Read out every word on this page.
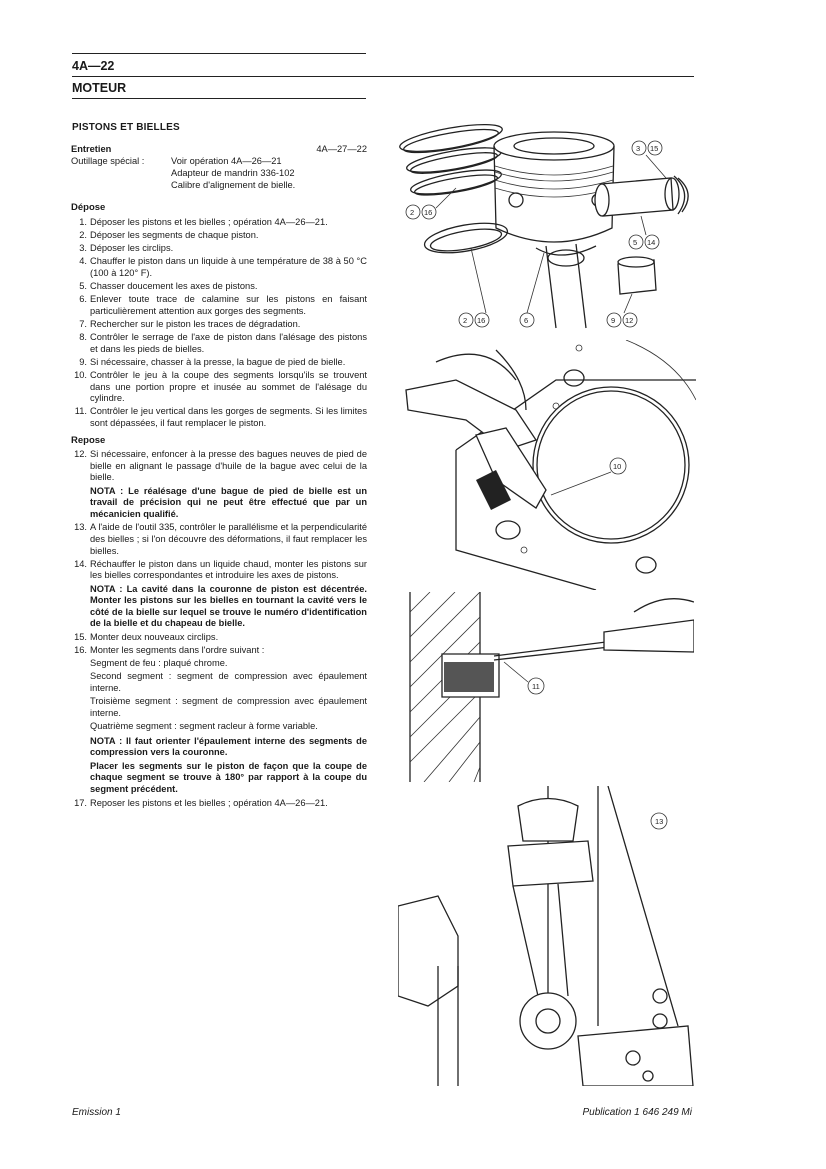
4A—22
MOTEUR
PISTONS ET BIELLES
Entretien	4A—27—22
Outillage spécial :	Voir opération 4A—26—21
Adapteur de mandrin 336-102
Calibre d'alignement de bielle.
Dépose
1. Déposer les pistons et les bielles ; opération 4A—26—21.
2. Déposer les segments de chaque piston.
3. Déposer les circlips.
4. Chauffer le piston dans un liquide à une température de 38 à 50 °C (100 à 120° F).
5. Chasser doucement les axes de pistons.
6. Enlever toute trace de calamine sur les pistons en faisant particulièrement attention aux gorges des segments.
7. Rechercher sur le piston les traces de dégradation.
8. Contrôler le serrage de l'axe de piston dans l'alésage des pistons et dans les pieds de bielles.
9. Si nécessaire, chasser à la presse, la bague de pied de bielle.
10. Contrôler le jeu à la coupe des segments lorsqu'ils se trouvent dans une portion propre et inusée au sommet de l'alésage du cylindre.
11. Contrôler le jeu vertical dans les gorges de segments. Si les limites sont dépassées, il faut remplacer le piston.
Repose
12. Si nécessaire, enfoncer à la presse des bagues neuves de pied de bielle en alignant le passage d'huile de la bague avec celui de la bielle.
NOTA : Le réalésage d'une bague de pied de bielle est un travail de précision qui ne peut être effectué que par un mécanicien qualifié.
13. A l'aide de l'outil 335, contrôler le parallélisme et la perpendicularité des bielles ; si l'on découvre des déformations, il faut remplacer les bielles.
14. Réchauffer le piston dans un liquide chaud, monter les pistons sur les bielles correspondantes et introduire les axes de pistons.
NOTA : La cavité dans la couronne de piston est décentrée. Monter les pistons sur les bielles en tournant la cavité vers le côté de la bielle sur lequel se trouve le numéro d'identification de la bielle et du chapeau de bielle.
15. Monter deux nouveaux circlips.
16. Monter les segments dans l'ordre suivant :
Segment de feu : plaqué chrome.
Second segment : segment de compression avec épaulement interne.
Troisième segment : segment de compression avec épaulement interne.
Quatrième segment : segment racleur à forme variable.
NOTA : Il faut orienter l'épaulement interne des segments de compression vers la couronne.
Placer les segments sur le piston de façon que la coupe de chaque segment se trouve à 180° par rapport à la coupe du segment précédent.
17. Reposer les pistons et les bielles ; opération 4A—26—21.
3 15
2 16
5 14
2 16	6	9 12
10
11
13
Emission 1	Publication 1 646 249 Mi
